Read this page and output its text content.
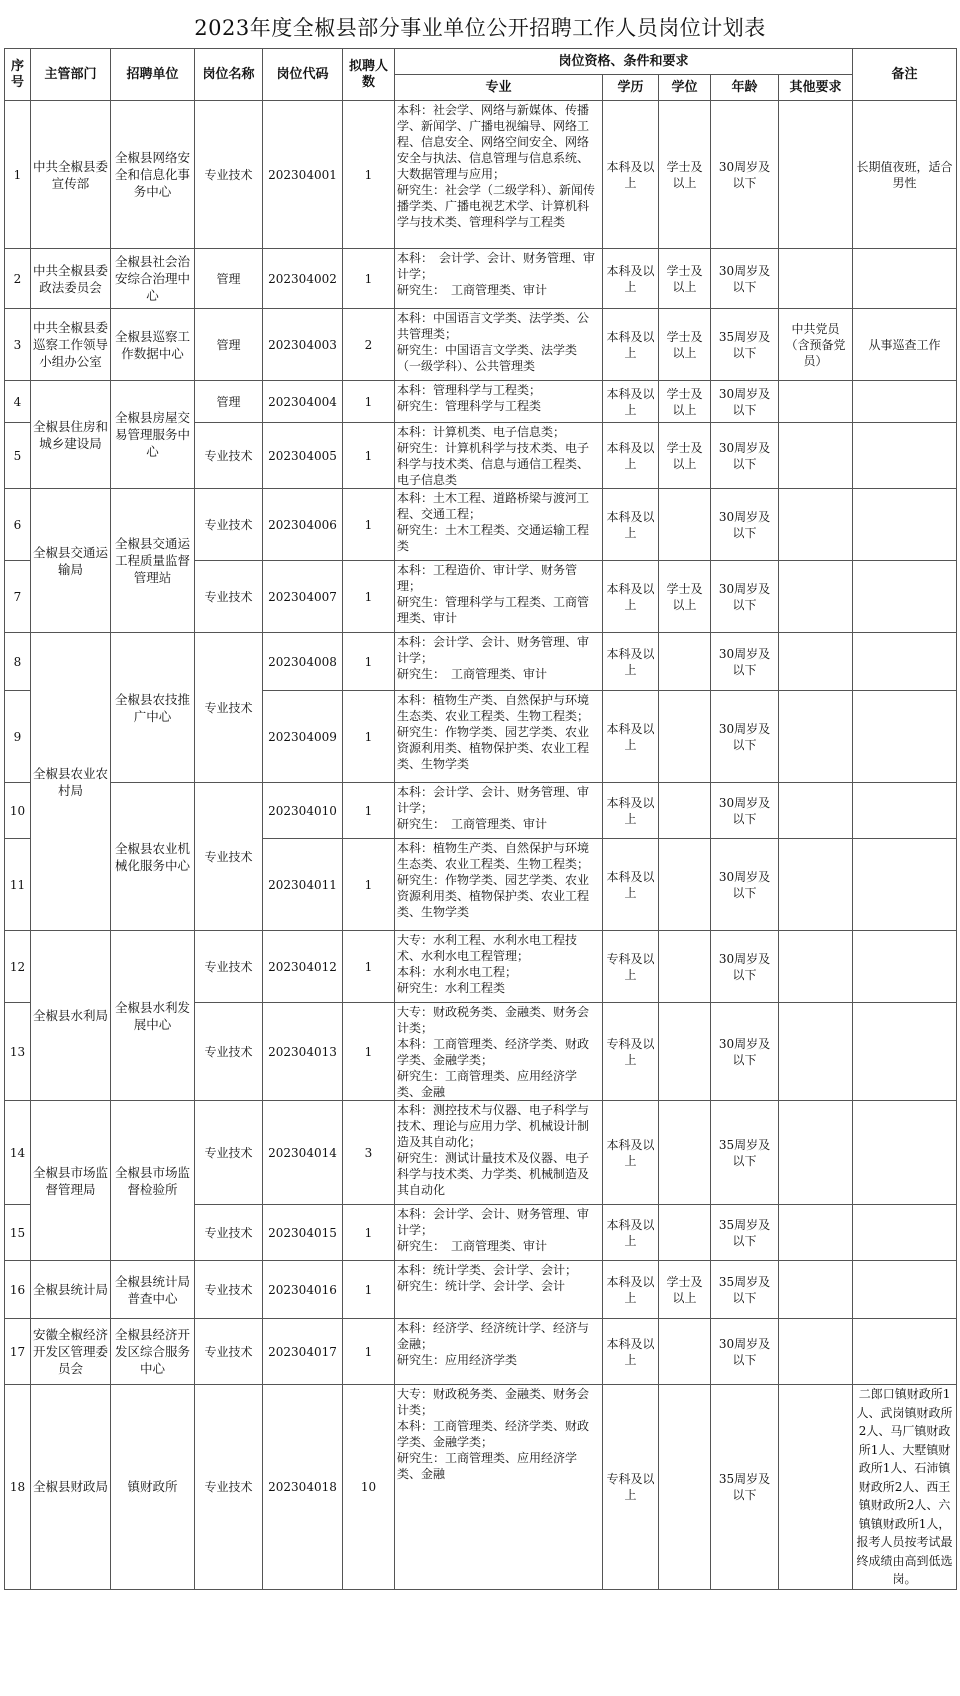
2023年度全椒县部分事业单位公开招聘工作人员岗位计划表
序号	主管部门	招聘单位	岗位名称	岗位代码	拟聘人数	岗位资格、条件和要求					备注
						专业	学历	学位	年龄	其他要求	
1	中共全椒县委宣传部	全椒县网络安全和信息化事务中心	专业技术	202304001	1	本科：社会学、网络与新媒体、传播学、新闻学、广播电视编导、网络工程、信息安全、网络空间安全、网络安全与执法、信息管理与信息系统、大数据管理与应用；
研究生：社会学（二级学科）、新闻传播学类、广播电视艺术学、计算机科学与技术类、管理科学与工程类	本科及以上	学士及以上	30周岁及以下		长期值夜班，适合男性
2	中共全椒县委政法委员会	全椒县社会治安综合治理中心	管理	202304002	1	本科：　会计学、会计、财务管理、审计学；
研究生：　工商管理类、审计	本科及以上	学士及以上	30周岁及以下		
3	中共全椒县委巡察工作领导小组办公室	全椒县巡察工作数据中心	管理	202304003	2	本科：中国语言文学类、法学类、公共管理类；
研究生：中国语言文学类、法学类（一级学科）、公共管理类	本科及以上	学士及以上	35周岁及以下	中共党员（含预备党员）	从事巡查工作
4	全椒县住房和城乡建设局	全椒县房屋交易管理服务中心	管理	202304004	1	本科：管理科学与工程类；
研究生：管理科学与工程类	本科及以上	学士及以上	30周岁及以下		
5			专业技术	202304005	1	本科：计算机类、电子信息类；
研究生：计算机科学与技术类、电子科学与技术类、信息与通信工程类、电子信息类	本科及以上	学士及以上	30周岁及以下		
6	全椒县交通运输局	全椒县交通运工程质量监督管理站	专业技术	202304006	1	本科：土木工程、道路桥梁与渡河工程、交通工程；
研究生：土木工程类、交通运输工程类	本科及以上		30周岁及以下		
7			专业技术	202304007	1	本科：工程造价、审计学、财务管理；
研究生：管理科学与工程类、工商管理类、审计	本科及以上	学士及以上	30周岁及以下		
8	全椒县农业农村局	全椒县农技推广中心	专业技术	202304008	1	本科：会计学、会计、财务管理、审计学；
研究生：　工商管理类、审计	本科及以上		30周岁及以下		
9				202304009	1	本科：植物生产类、自然保护与环境生态类、农业工程类、生物工程类；
研究生：作物学类、园艺学类、农业资源利用类、植物保护类、农业工程类、生物学类	本科及以上		30周岁及以下		
10		全椒县农业机械化服务中心	专业技术	202304010	1	本科：会计学、会计、财务管理、审计学；
研究生：　工商管理类、审计	本科及以上		30周岁及以下		
11				202304011	1	本科：植物生产类、自然保护与环境生态类、农业工程类、生物工程类；
研究生：作物学类、园艺学类、农业资源利用类、植物保护类、农业工程类、生物学类	本科及以上		30周岁及以下		
12	全椒县水利局	全椒县水利发展中心	专业技术	202304012	1	大专：水利工程、水利水电工程技术、水利水电工程管理；
本科：水利水电工程；
研究生：水利工程类	专科及以上		30周岁及以下		
13			专业技术	202304013	1	大专：财政税务类、金融类、财务会计类；
本科：工商管理类、经济学类、财政学类、金融学类；
研究生：工商管理类、应用经济学类、金融	专科及以上		30周岁及以下		
14	全椒县市场监督管理局	全椒县市场监督检验所	专业技术	202304014	3	本科：测控技术与仪器、电子科学与技术、理论与应用力学、机械设计制造及其自动化；
研究生：测试计量技术及仪器、电子科学与技术类、力学类、机械制造及其自动化	本科及以上		35周岁及以下		
15			专业技术	202304015	1	本科：会计学、会计、财务管理、审计学；
研究生：　工商管理类、审计	本科及以上		35周岁及以下		
16	全椒县统计局	全椒县统计局普查中心	专业技术	202304016	1	本科：统计学类、会计学、会计；
研究生：统计学、会计学、会计	本科及以上	学士及以上	35周岁及以下		
17	安徽全椒经济开发区管理委员会	全椒县经济开发区综合服务中心	专业技术	202304017	1	本科：经济学、经济统计学、经济与金融；
研究生：应用经济学类	本科及以上		30周岁及以下		
18	全椒县财政局	镇财政所	专业技术	202304018	10	大专：财政税务类、金融类、财务会计类；
本科：工商管理类、经济学类、财政学类、金融学类；
研究生：工商管理类、应用经济学类、金融	专科及以上		35周岁及以下		二郎口镇财政所1人、武岗镇财政所2人、马厂镇财政所1人、大墅镇财政所1人、石沛镇财政所2人、西王镇财政所2人、六镇镇财政所1人，报考人员按考试最终成绩由高到低选岗。
